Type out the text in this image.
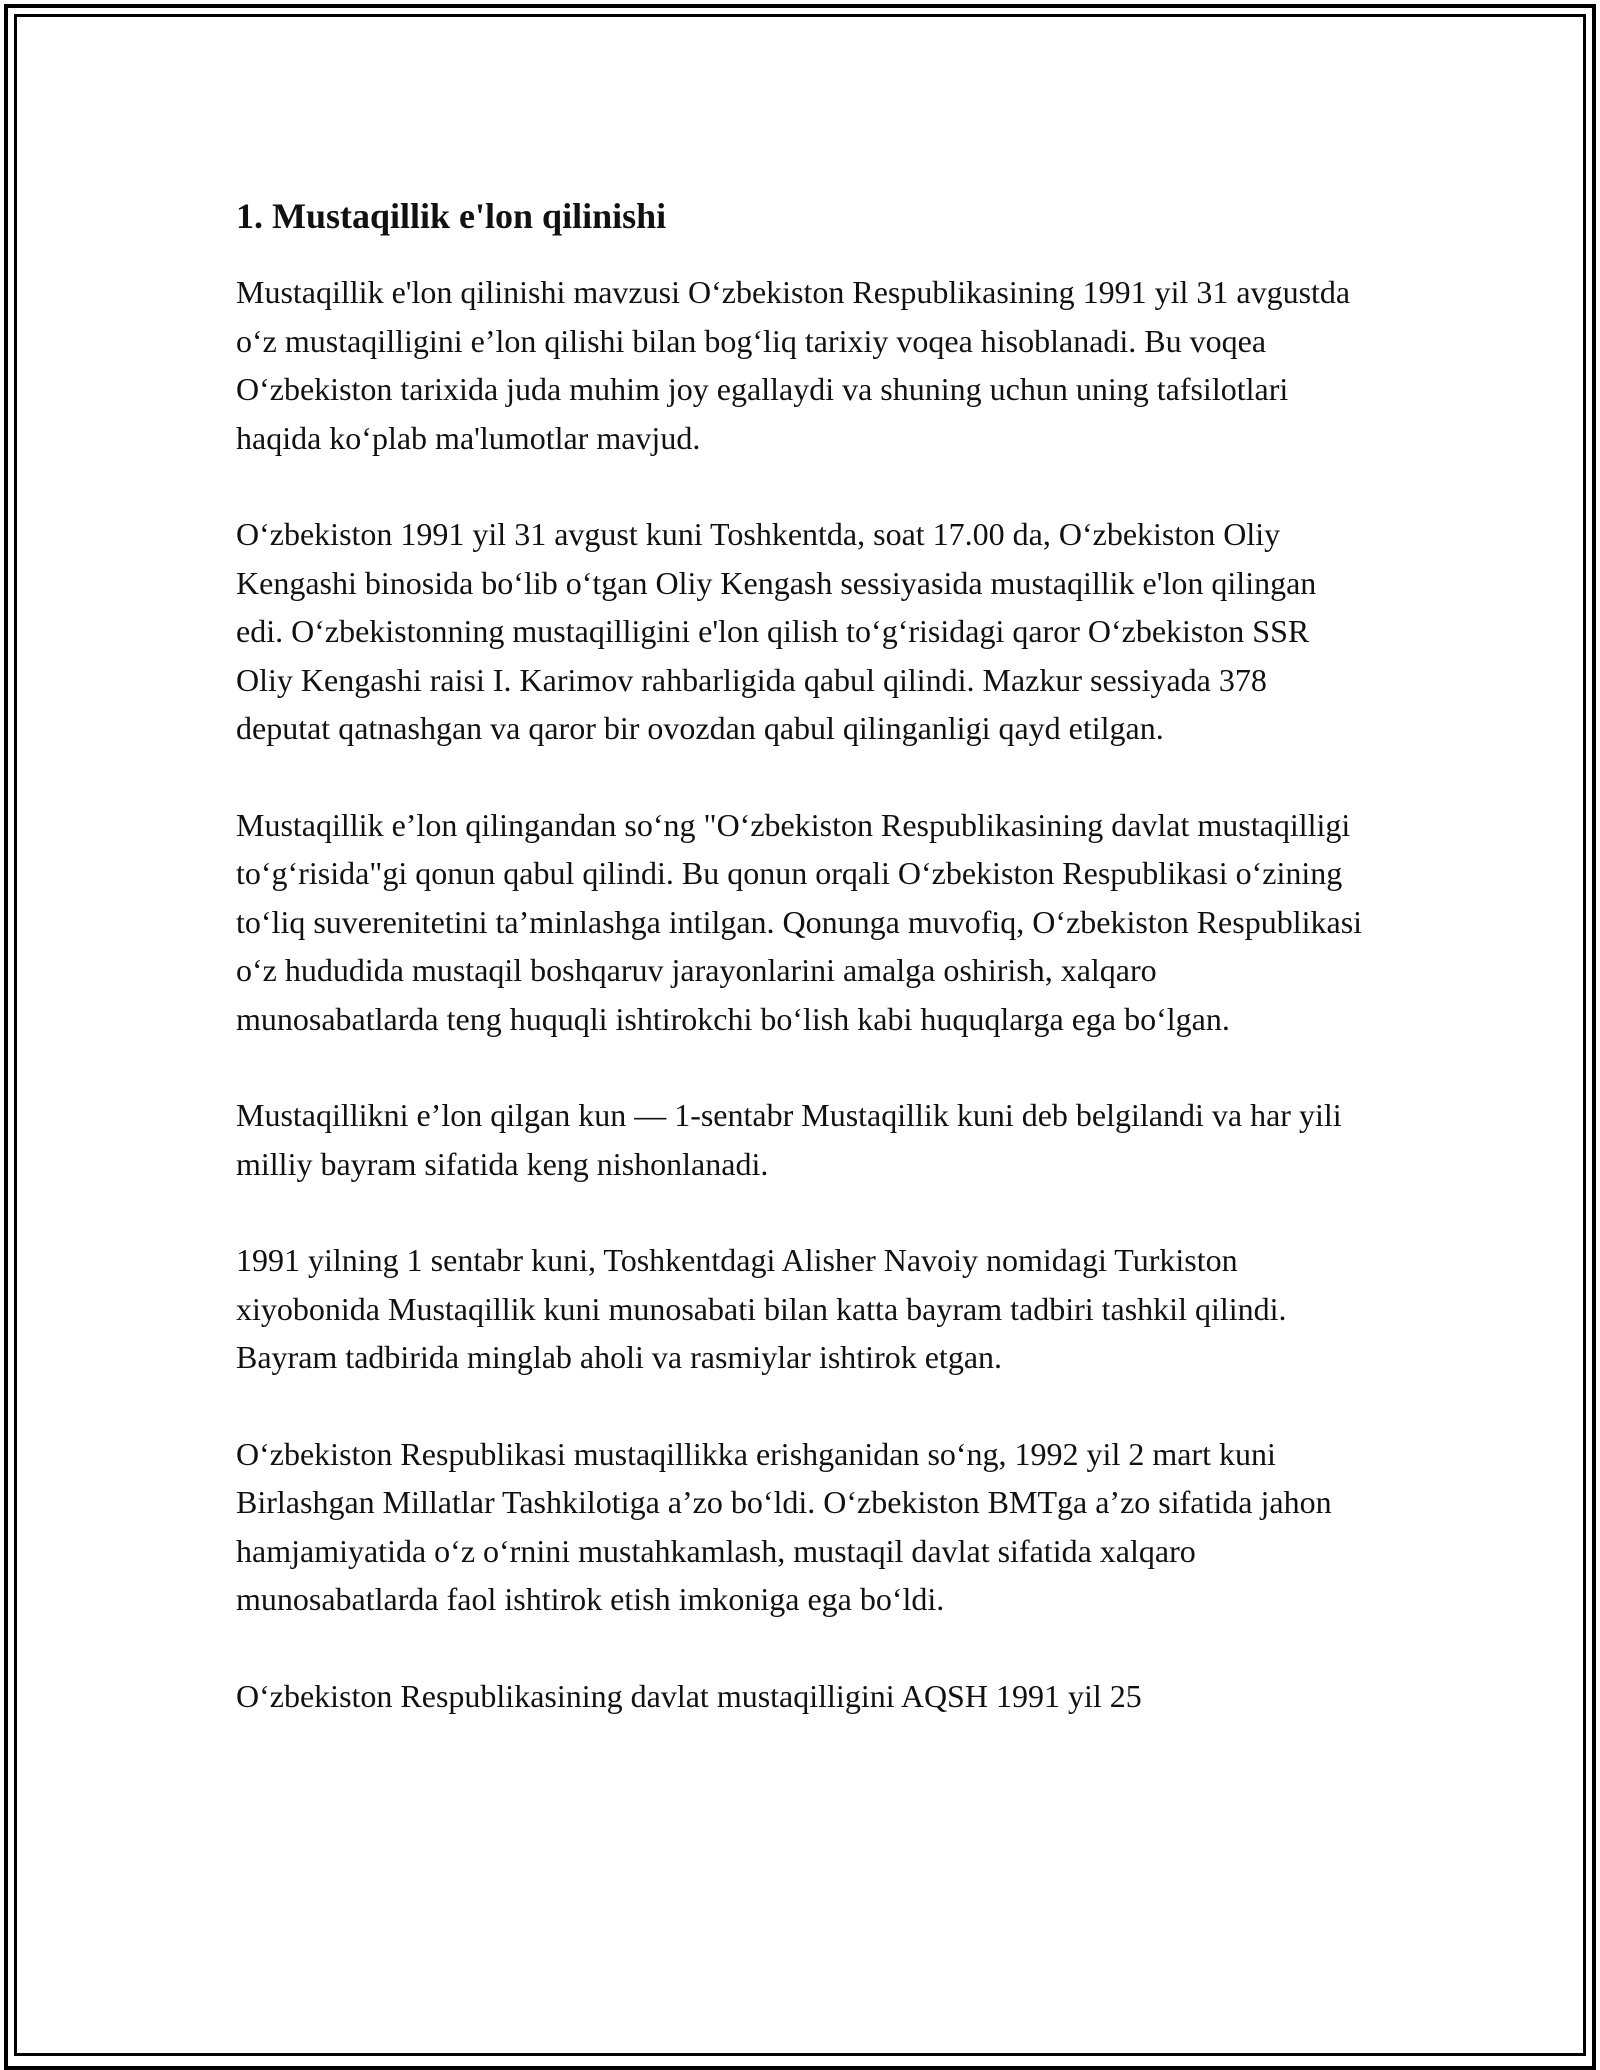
1. Mustaqillik e'lon qilinishi

Mustaqillik e'lon qilinishi mavzusi O‘zbekiston Respublikasining 1991 yil 31 avgustda o‘z mustaqilligini e’lon qilishi bilan bog‘liq tarixiy voqea hisoblanadi. Bu voqea O‘zbekiston tarixida juda muhim joy egallaydi va shuning uchun uning tafsilotlari haqida ko‘plab ma'lumotlar mavjud.

O‘zbekiston 1991 yil 31 avgust kuni Toshkentda, soat 17.00 da, O‘zbekiston Oliy Kengashi binosida bo‘lib o‘tgan Oliy Kengash sessiyasida mustaqillik e'lon qilingan edi. O‘zbekistonning mustaqilligini e'lon qilish to‘g‘risidagi qaror O‘zbekiston SSR Oliy Kengashi raisi I. Karimov rahbarligida qabul qilindi. Mazkur sessiyada 378 deputat qatnashgan va qaror bir ovozdan qabul qilinganligi qayd etilgan.

Mustaqillik e’lon qilingandan so‘ng "O‘zbekiston Respublikasining davlat mustaqilligi to‘g‘risida"gi qonun qabul qilindi. Bu qonun orqali O‘zbekiston Respublikasi o‘zining to‘liq suverenitetini ta’minlashga intilgan. Qonunga muvofiq, O‘zbekiston Respublikasi o‘z hududida mustaqil boshqaruv jarayonlarini amalga oshirish, xalqaro munosabatlarda teng huquqli ishtirokchi bo‘lish kabi huquqlarga ega bo‘lgan.

Mustaqillikni e’lon qilgan kun — 1-sentabr Mustaqillik kuni deb belgilandi va har yili milliy bayram sifatida keng nishonlanadi.

1991 yilning 1 sentabr kuni, Toshkentdagi Alisher Navoiy nomidagi Turkiston xiyobonida Mustaqillik kuni munosabati bilan katta bayram tadbiri tashkil qilindi. Bayram tadbirida minglab aholi va rasmiylar ishtirok etgan.

O‘zbekiston Respublikasi mustaqillikka erishganidan so‘ng, 1992 yil 2 mart kuni Birlashgan Millatlar Tashkilotiga a’zo bo‘ldi. O‘zbekiston BMTga a’zo sifatida jahon hamjamiyatida o‘z o‘rnini mustahkamlash, mustaqil davlat sifatida xalqaro munosabatlarda faol ishtirok etish imkoniga ega bo‘ldi.

O‘zbekiston Respublikasining davlat mustaqilligini AQSH 1991 yil 25
